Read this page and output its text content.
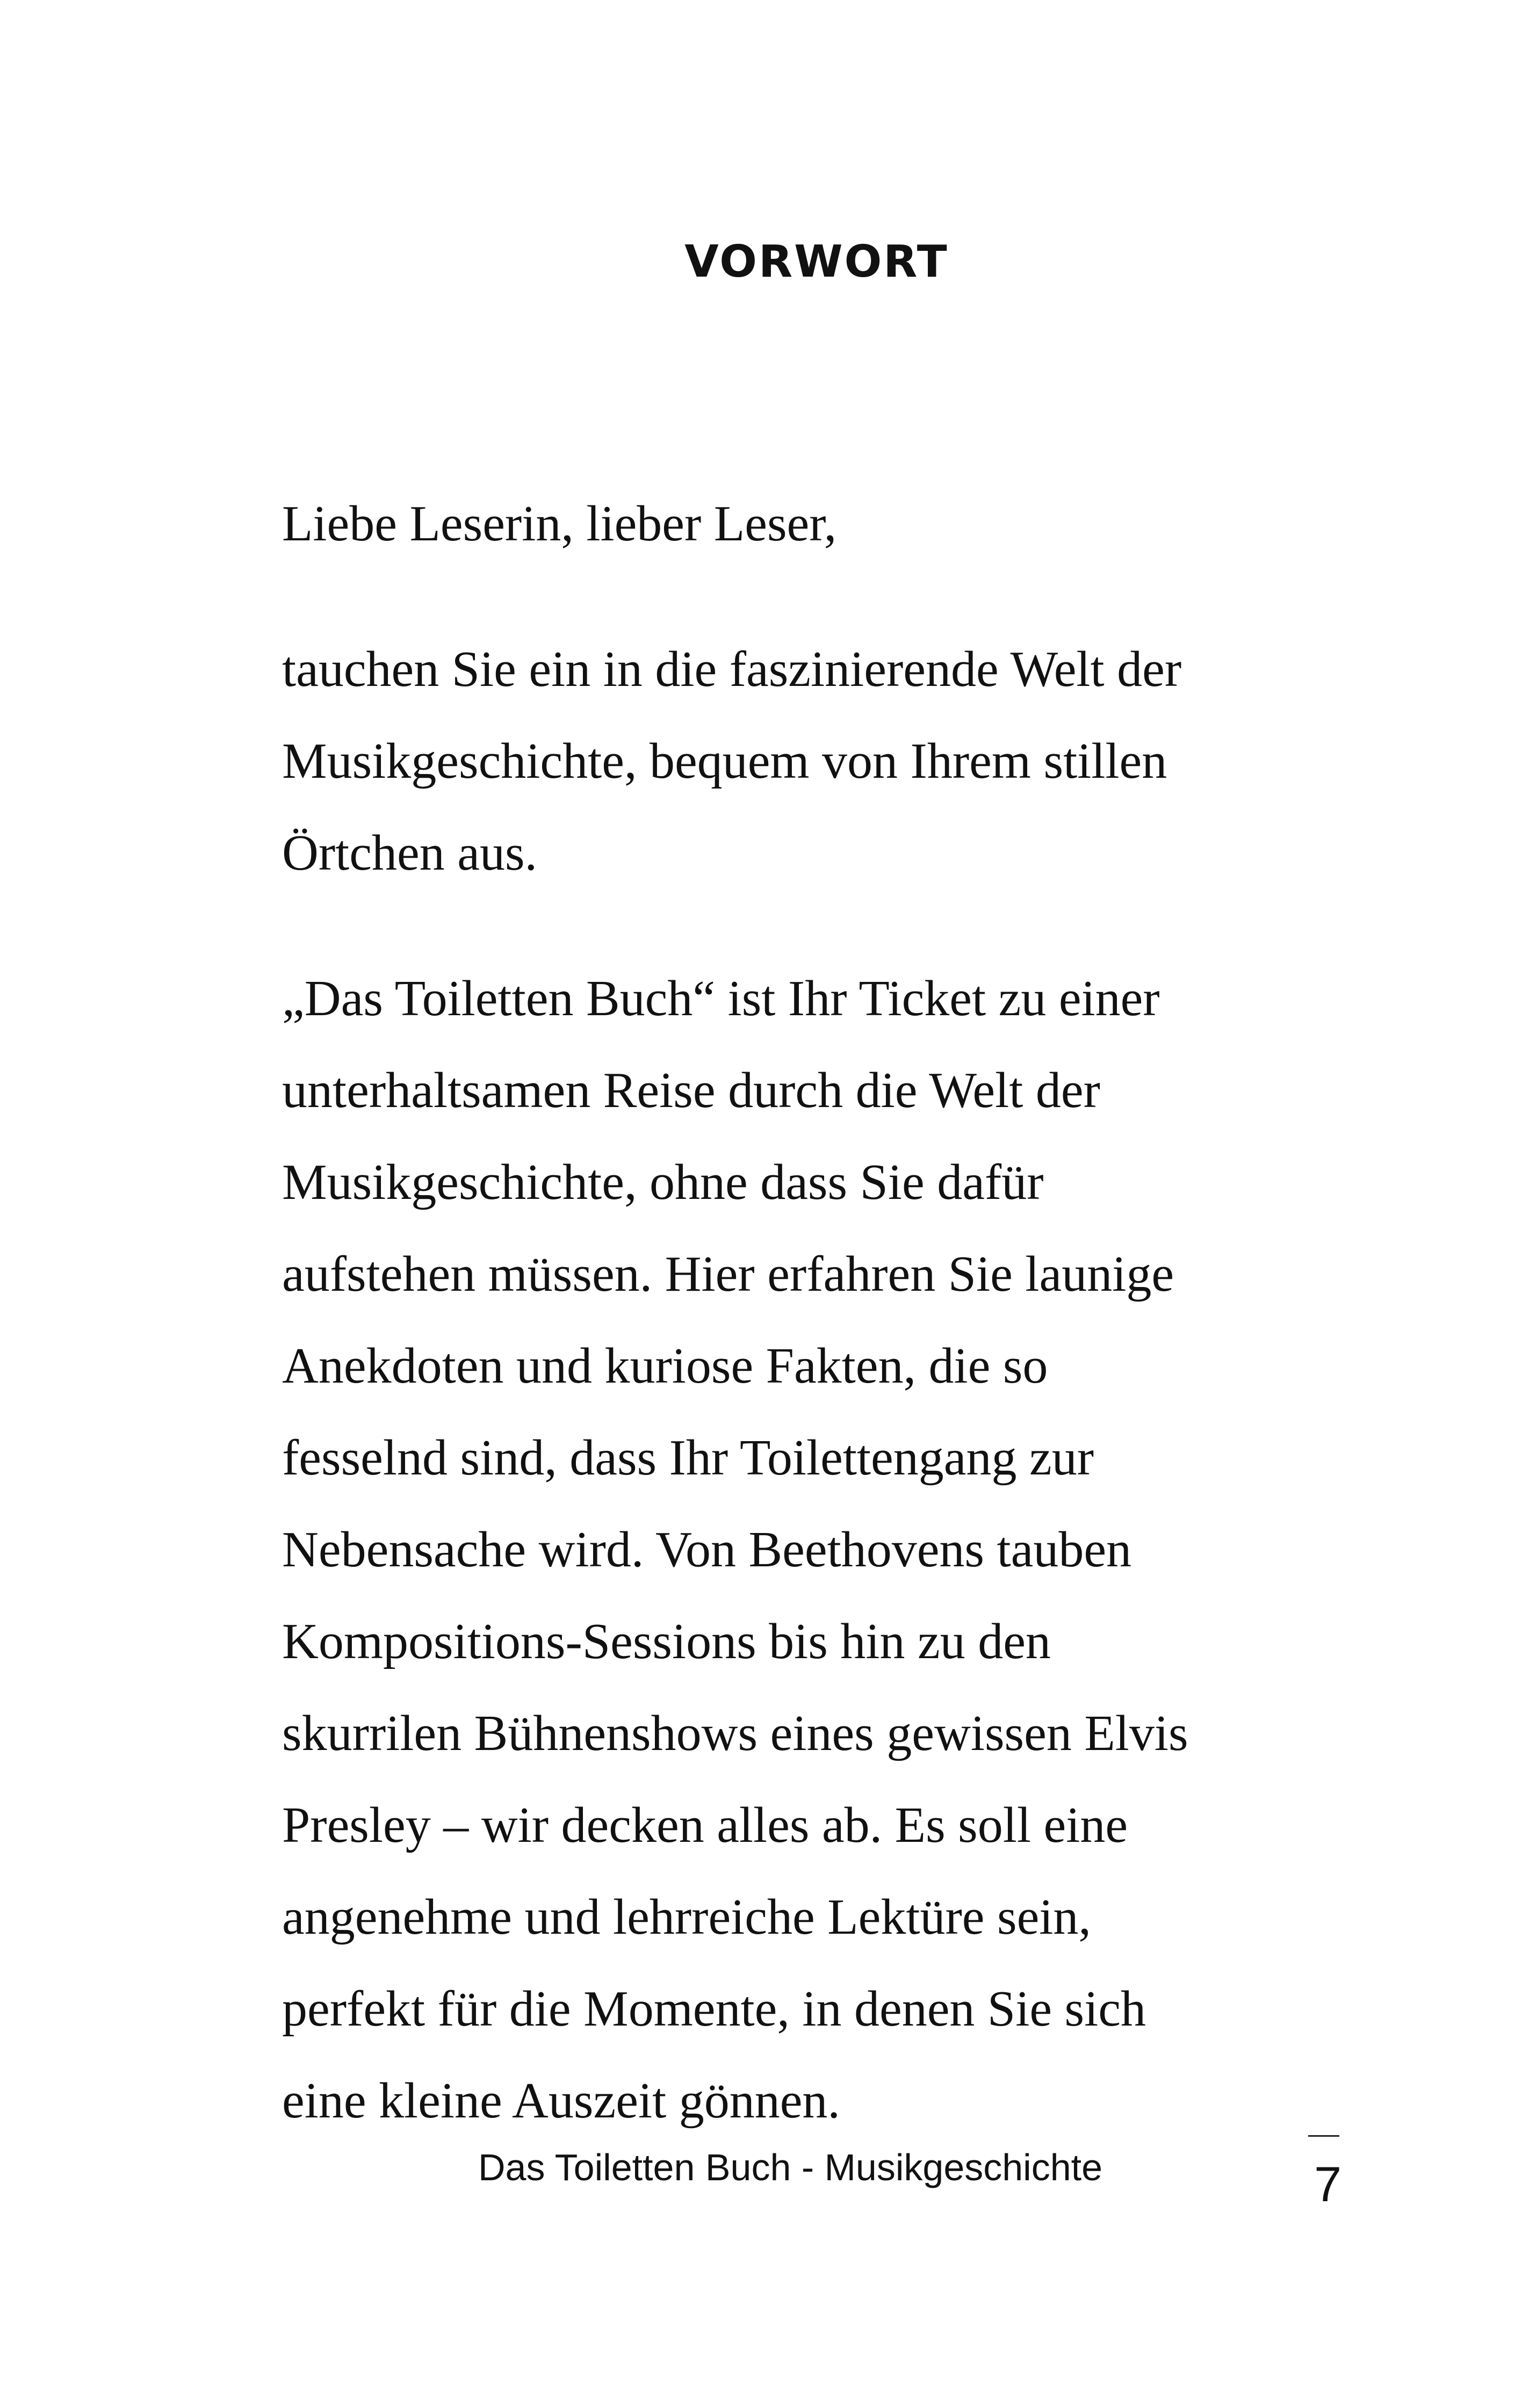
VORWORT

Liebe Leserin, lieber Leser,

tauchen Sie ein in die faszinierende Welt der
Musikgeschichte, bequem von Ihrem stillen
Örtchen aus.

„Das Toiletten Buch“ ist Ihr Ticket zu einer
unterhaltsamen Reise durch die Welt der
Musikgeschichte, ohne dass Sie dafür
aufstehen müssen. Hier erfahren Sie launige
Anekdoten und kuriose Fakten, die so
fesselnd sind, dass Ihr Toilettengang zur
Nebensache wird. Von Beethovens tauben
Kompositions-Sessions bis hin zu den
skurrilen Bühnenshows eines gewissen Elvis
Presley – wir decken alles ab. Es soll eine
angenehme und lehrreiche Lektüre sein,
perfekt für die Momente, in denen Sie sich
eine kleine Auszeit gönnen.

Das Toiletten Buch - Musikgeschichte	7
